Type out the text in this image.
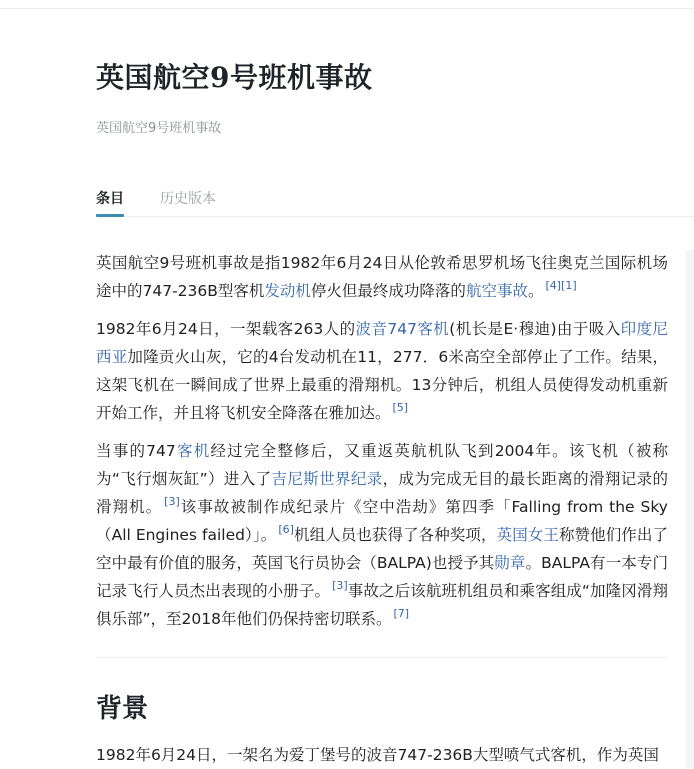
英国航空9号班机事故
英国航空9号班机事故
条目	历史版本

英国航空9号班机事故是指1982年6月24日从伦敦希思罗机场飞往奥克兰国际机场途中的747-236B型客机发动机停火但最终成功降落的航空事故。 [4][1]

1982年6月24日，一架载客263人的波音747客机(机长是E·穆迪)由于吸入印度尼西亚加隆贡火山灰，它的4台发动机在11，277．6米高空全部停止了工作。结果，这架飞机在一瞬间成了世界上最重的滑翔机。13分钟后，机组人员使得发动机重新开始工作，并且将飞机安全降落在雅加达。 [5]

当事的747客机经过完全整修后，又重返英航机队飞到2004年。该飞机（被称为“飞行烟灰缸”）进入了吉尼斯世界纪录，成为完成无目的最长距离的滑翔记录的滑翔机。 [3]该事故被制作成纪录片《空中浩劫》第四季「Falling from the Sky（All Engines failed）」。 [6]机组人员也获得了各种奖项，英国女王称赞他们作出了空中最有价值的服务，英国飞行员协会（BALPA)也授予其勋章。BALPA有一本专门记录飞行人员杰出表现的小册子。 [3]事故之后该航班机组员和乘客组成“加隆冈滑翔俱乐部”，至2018年他们仍保持密切联系。 [7]

背景
1982年6月24日，一架名为爱丁堡号的波音747-236B大型喷气式客机，作为英国
